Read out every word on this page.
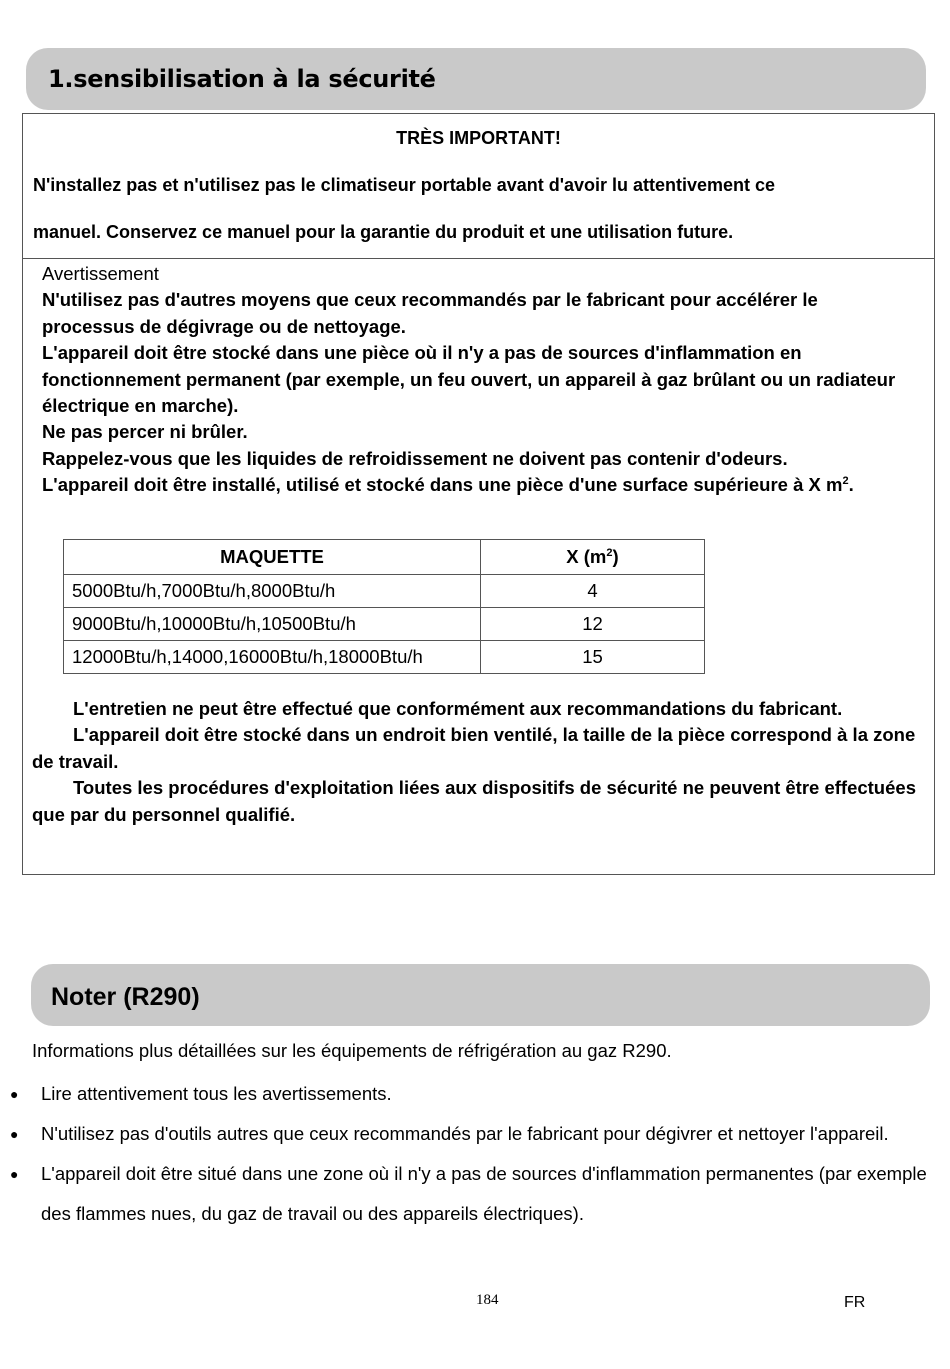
1.sensibilisation à la sécurité
TRÈS IMPORTANT!
N'installez pas et n'utilisez pas le climatiseur portable avant d'avoir lu attentivement ce
manuel. Conservez ce manuel pour la garantie du produit et une utilisation future.

Avertissement

N'utilisez pas d'autres moyens que ceux recommandés par le fabricant pour accélérer le processus de dégivrage ou de nettoyage.

L'appareil doit être stocké dans une pièce où il n'y a pas de sources d'inflammation en fonctionnement permanent (par exemple, un feu ouvert, un appareil à gaz brûlant ou un radiateur électrique en marche).

Ne pas percer ni brûler.

Rappelez-vous que les liquides de refroidissement ne doivent pas contenir d'odeurs.

L'appareil doit être installé, utilisé et stocké dans une pièce d'une surface supérieure à X $m^2$.

MAQUETTE	X $(m^2)$
5000Btu/h,7000Btu/h,8000Btu/h	4
9000Btu/h,10000Btu/h,10500Btu/h	12
12000Btu/h,14000,16000Btu/h,18000Btu/h	15

L'entretien ne peut être effectué que conformément aux recommandations du fabricant.

L'appareil doit être stocké dans un endroit bien ventilé, la taille de la pièce correspond à la zone de travail.

Toutes les procédures d'exploitation liées aux dispositifs de sécurité ne peuvent être effectuées que par du personnel qualifié.

Noter (R290)
Informations plus détaillées sur les équipements de réfrigération au gaz R290.
● Lire attentivement tous les avertissements.
● N'utilisez pas d'outils autres que ceux recommandés par le fabricant pour dégivrer et nettoyer l'appareil.
● L'appareil doit être situé dans une zone où il n'y a pas de sources d'inflammation permanentes (par exemple des flammes nues, du gaz de travail ou des appareils électriques).
184	FR
